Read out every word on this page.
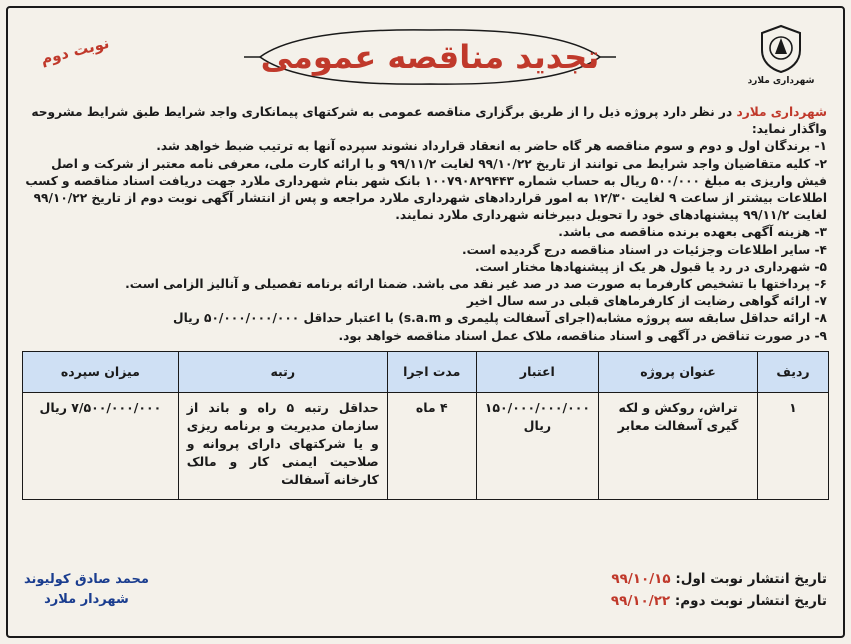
شهرداری ملارد
تجدید مناقصه عمومی
نوبت دوم

شهرداری ملارد در نظر دارد پروژه ذیل را از طریق برگزاری مناقصه عمومی به شرکتهای پیمانکاری واجد شرایط طبق شرایط مشروحه واگذار نماید:

۱- برندگان اول و دوم و سوم مناقصه هر گاه حاضر به انعقاد قرارداد نشوند سپرده آنها به ترتیب ضبط خواهد شد.

۲- کلیه متقاضیان واجد شرایط می توانند از تاریخ ۹۹/۱۰/۲۲ لغایت ۹۹/۱۱/۲ و با ارائه کارت ملی، معرفی نامه معتبر از شرکت و اصل فیش واریزی به مبلغ ۵۰۰/۰۰۰ ریال به حساب شماره ۱۰۰۷۹۰۸۲۹۴۴۳ بانک شهر بنام شهرداری ملارد جهت دریافت اسناد مناقصه و کسب اطلاعات بیشتر از ساعت ۹ لغایت ۱۲/۳۰ به امور قراردادهای شهرداری ملارد مراجعه و پس از انتشار آگهی نوبت دوم از تاریخ ۹۹/۱۰/۲۲ لغایت ۹۹/۱۱/۲ پیشنهادهای خود را تحویل دبیرخانه شهرداری ملارد نمایند.

۳- هزینه آگهی بعهده برنده مناقصه می باشد.

۴- سایر اطلاعات وجزئیات در اسناد مناقصه درج گردیده است.

۵- شهرداری در رد یا قبول هر یک از پیشنهادها مختار است.

۶- پرداختها با تشخیص کارفرما به صورت صد در صد غیر نقد می باشد. ضمنا ارائه برنامه تفصیلی و آنالیز الزامی است.

۷- ارائه گواهی رضایت از کارفرماهای قبلی در سه سال اخیر

۸- ارائه حداقل سابقه سه پروژه مشابه(اجرای آسفالت پلیمری و s.a.m) با اعتبار حداقل ۵۰/۰۰۰/۰۰۰/۰۰۰ ریال

۹- در صورت تناقض در آگهی و اسناد مناقصه، ملاک عمل اسناد مناقصه خواهد بود.

ردیف	عنوان پروژه	اعتبار	مدت اجرا	رتبه	میزان سپرده
۱	تراش، روکش و لکه گیری آسفالت معابر	۱۵۰/۰۰۰/۰۰۰/۰۰۰ ریال	۴ ماه	حداقل رتبه ۵ راه و باند از سازمان مدیریت و برنامه ریزی و یا شرکتهای دارای پروانه و صلاحیت ایمنی کار و مالک کارخانه آسفالت	۷/۵۰۰/۰۰۰/۰۰۰ ریال
تاریخ انتشار نوبت اول: ۹۹/۱۰/۱۵
تاریخ انتشار نوبت دوم: ۹۹/۱۰/۲۲
محمد صادق کولیوند
شهردار ملارد
